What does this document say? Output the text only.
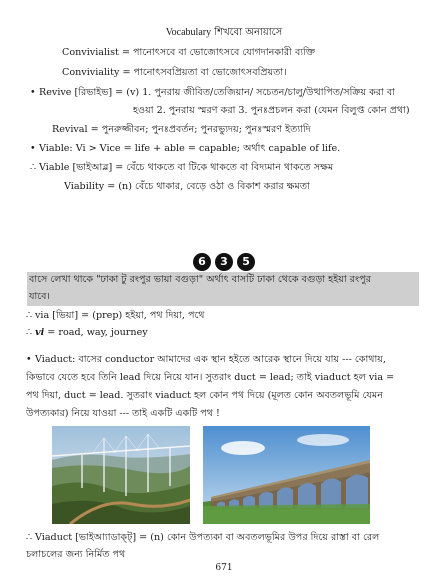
Vocabulary শিখবো অনায়াসে
Convivialist = পানোৎসবে বা ভোজোৎসবে যোগদানকারী ব্যক্তি
Conviviality = পানোৎসবপ্রিয়তা বা ভোজোৎসবপ্রিয়তা।
• Revive [রিভাইভ] = (v) 1. পুনরায় জীবিত/তেজিয়ান/ সচেতন/চালু/উত্থাপিত/সক্রিয় করা বা
হওয়া 2. পুনরায় স্মরণ করা 3. পুনঃপ্রচলন করা (যেমন বিলুপ্ত কোন প্রথা)
Revival = পুনরুজ্জীবন; পুনঃপ্রবর্তন; পুনরভ্যুদয়; পুনঃস্মরণ ইত্যাদি
• Viable: Vi > Vice = life + able = capable; অর্থাৎ capable of life.
∴ Viable [ভাইআব্ল] = বেঁচে থাকতে বা টিকে থাকতে বা বিদ্যমান থাকতে সক্ষম
Viability = (n) বেঁচে থাকার, বেড়ে ওঠা ও বিকাশ করার ক্ষমতা
6 3 5
বাসে লেখা থাকে "ঢাকা টু রংপুর ভায়া বগুড়া" অর্থাৎ বাসটি ঢাকা থেকে বগুড়া হইয়া রংপুর
যাবে।
∴ via [ভিয়া] = (prep) হইয়া, পথ দিয়া, পথে
∴ vi = road, way, journey
• Viaduct: বাসের conductor আমাদের এক স্থান হইতে আরেক স্থানে দিয়ে যায় --- কোথায়,
কিভাবে যেতে হবে তিনি lead দিয়ে নিয়ে যান। সুতরাং duct = lead; তাই viaduct হল via =
পথ দিয়া, duct = lead. সুতরাং viaduct হল কোন পথ দিয়ে (মূলত কোন অবতলভূমি যেমন
উপত্যকার) নিয়ে যাওয়া --- তাই একটি একটি পথ !
∴ Viaduct [ভাইআ্যাডাক্ট্] = (n) কোন উপত্যকা বা অবতলভূমির উপর দিয়ে রাস্তা বা রেল
চলাচলের জন্য নির্মিত পথ
671
